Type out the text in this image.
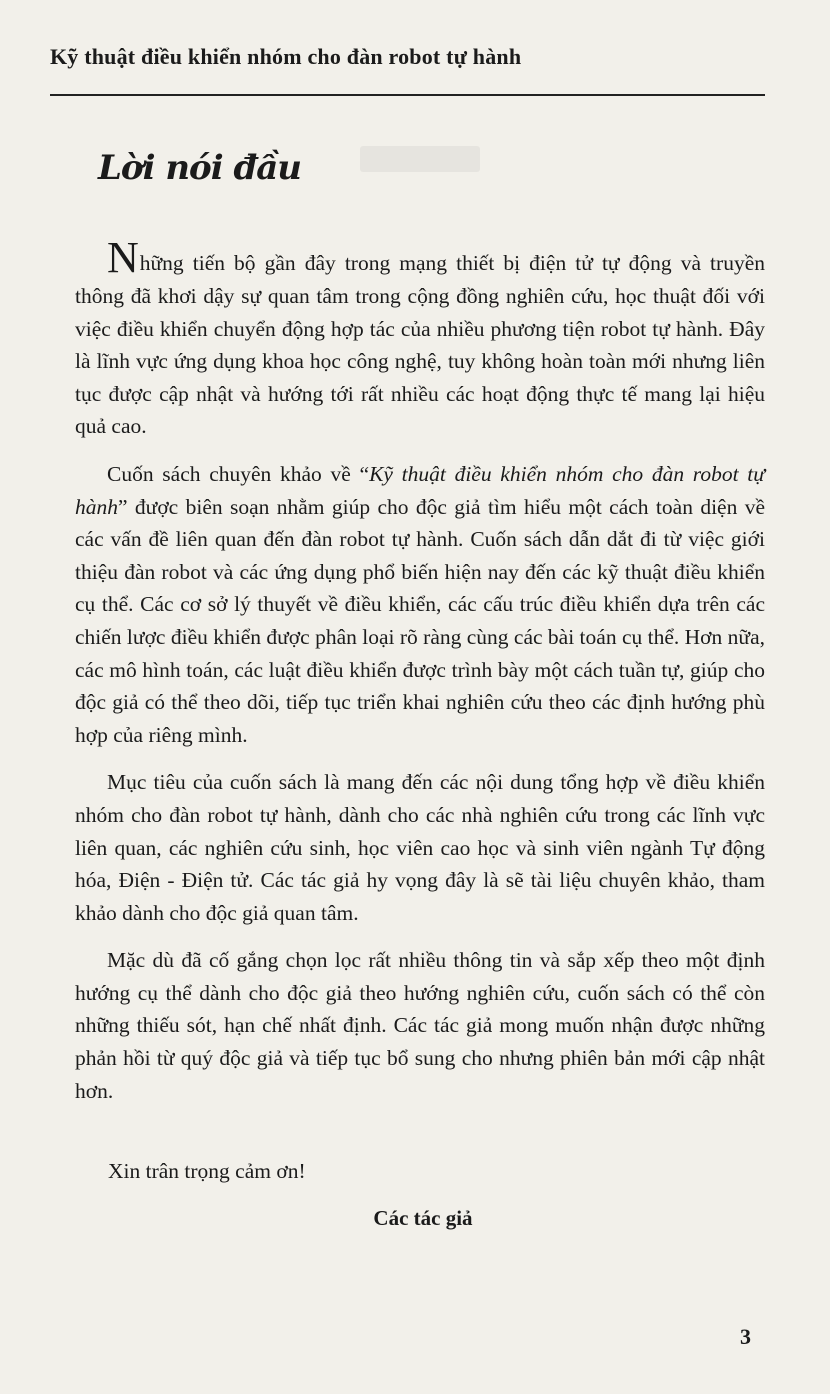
Kỹ thuật điều khiển nhóm cho đàn robot tự hành
Lời nói đầu

Những tiến bộ gần đây trong mạng thiết bị điện tử tự động và truyền thông đã khơi dậy sự quan tâm trong cộng đồng nghiên cứu, học thuật đối với việc điều khiển chuyển động hợp tác của nhiều phương tiện robot tự hành. Đây là lĩnh vực ứng dụng khoa học công nghệ, tuy không hoàn toàn mới nhưng liên tục được cập nhật và hướng tới rất nhiều các hoạt động thực tế mang lại hiệu quả cao.

Cuốn sách chuyên khảo về “Kỹ thuật điều khiển nhóm cho đàn robot tự hành” được biên soạn nhằm giúp cho độc giả tìm hiểu một cách toàn diện về các vấn đề liên quan đến đàn robot tự hành. Cuốn sách dẫn dắt đi từ việc giới thiệu đàn robot và các ứng dụng phổ biến hiện nay đến các kỹ thuật điều khiển cụ thể. Các cơ sở lý thuyết về điều khiển, các cấu trúc điều khiển dựa trên các chiến lược điều khiển được phân loại rõ ràng cùng các bài toán cụ thể. Hơn nữa, các mô hình toán, các luật điều khiển được trình bày một cách tuần tự, giúp cho độc giả có thể theo dõi, tiếp tục triển khai nghiên cứu theo các định hướng phù hợp của riêng mình.

Mục tiêu của cuốn sách là mang đến các nội dung tổng hợp về điều khiển nhóm cho đàn robot tự hành, dành cho các nhà nghiên cứu trong các lĩnh vực liên quan, các nghiên cứu sinh, học viên cao học và sinh viên ngành Tự động hóa, Điện - Điện tử. Các tác giả hy vọng đây là sẽ tài liệu chuyên khảo, tham khảo dành cho độc giả quan tâm.

Mặc dù đã cố gắng chọn lọc rất nhiều thông tin và sắp xếp theo một định hướng cụ thể dành cho độc giả theo hướng nghiên cứu, cuốn sách có thể còn những thiếu sót, hạn chế nhất định. Các tác giả mong muốn nhận được những phản hồi từ quý độc giả và tiếp tục bổ sung cho nhưng phiên bản mới cập nhật hơn.

Xin trân trọng cảm ơn!
Các tác giả
3
